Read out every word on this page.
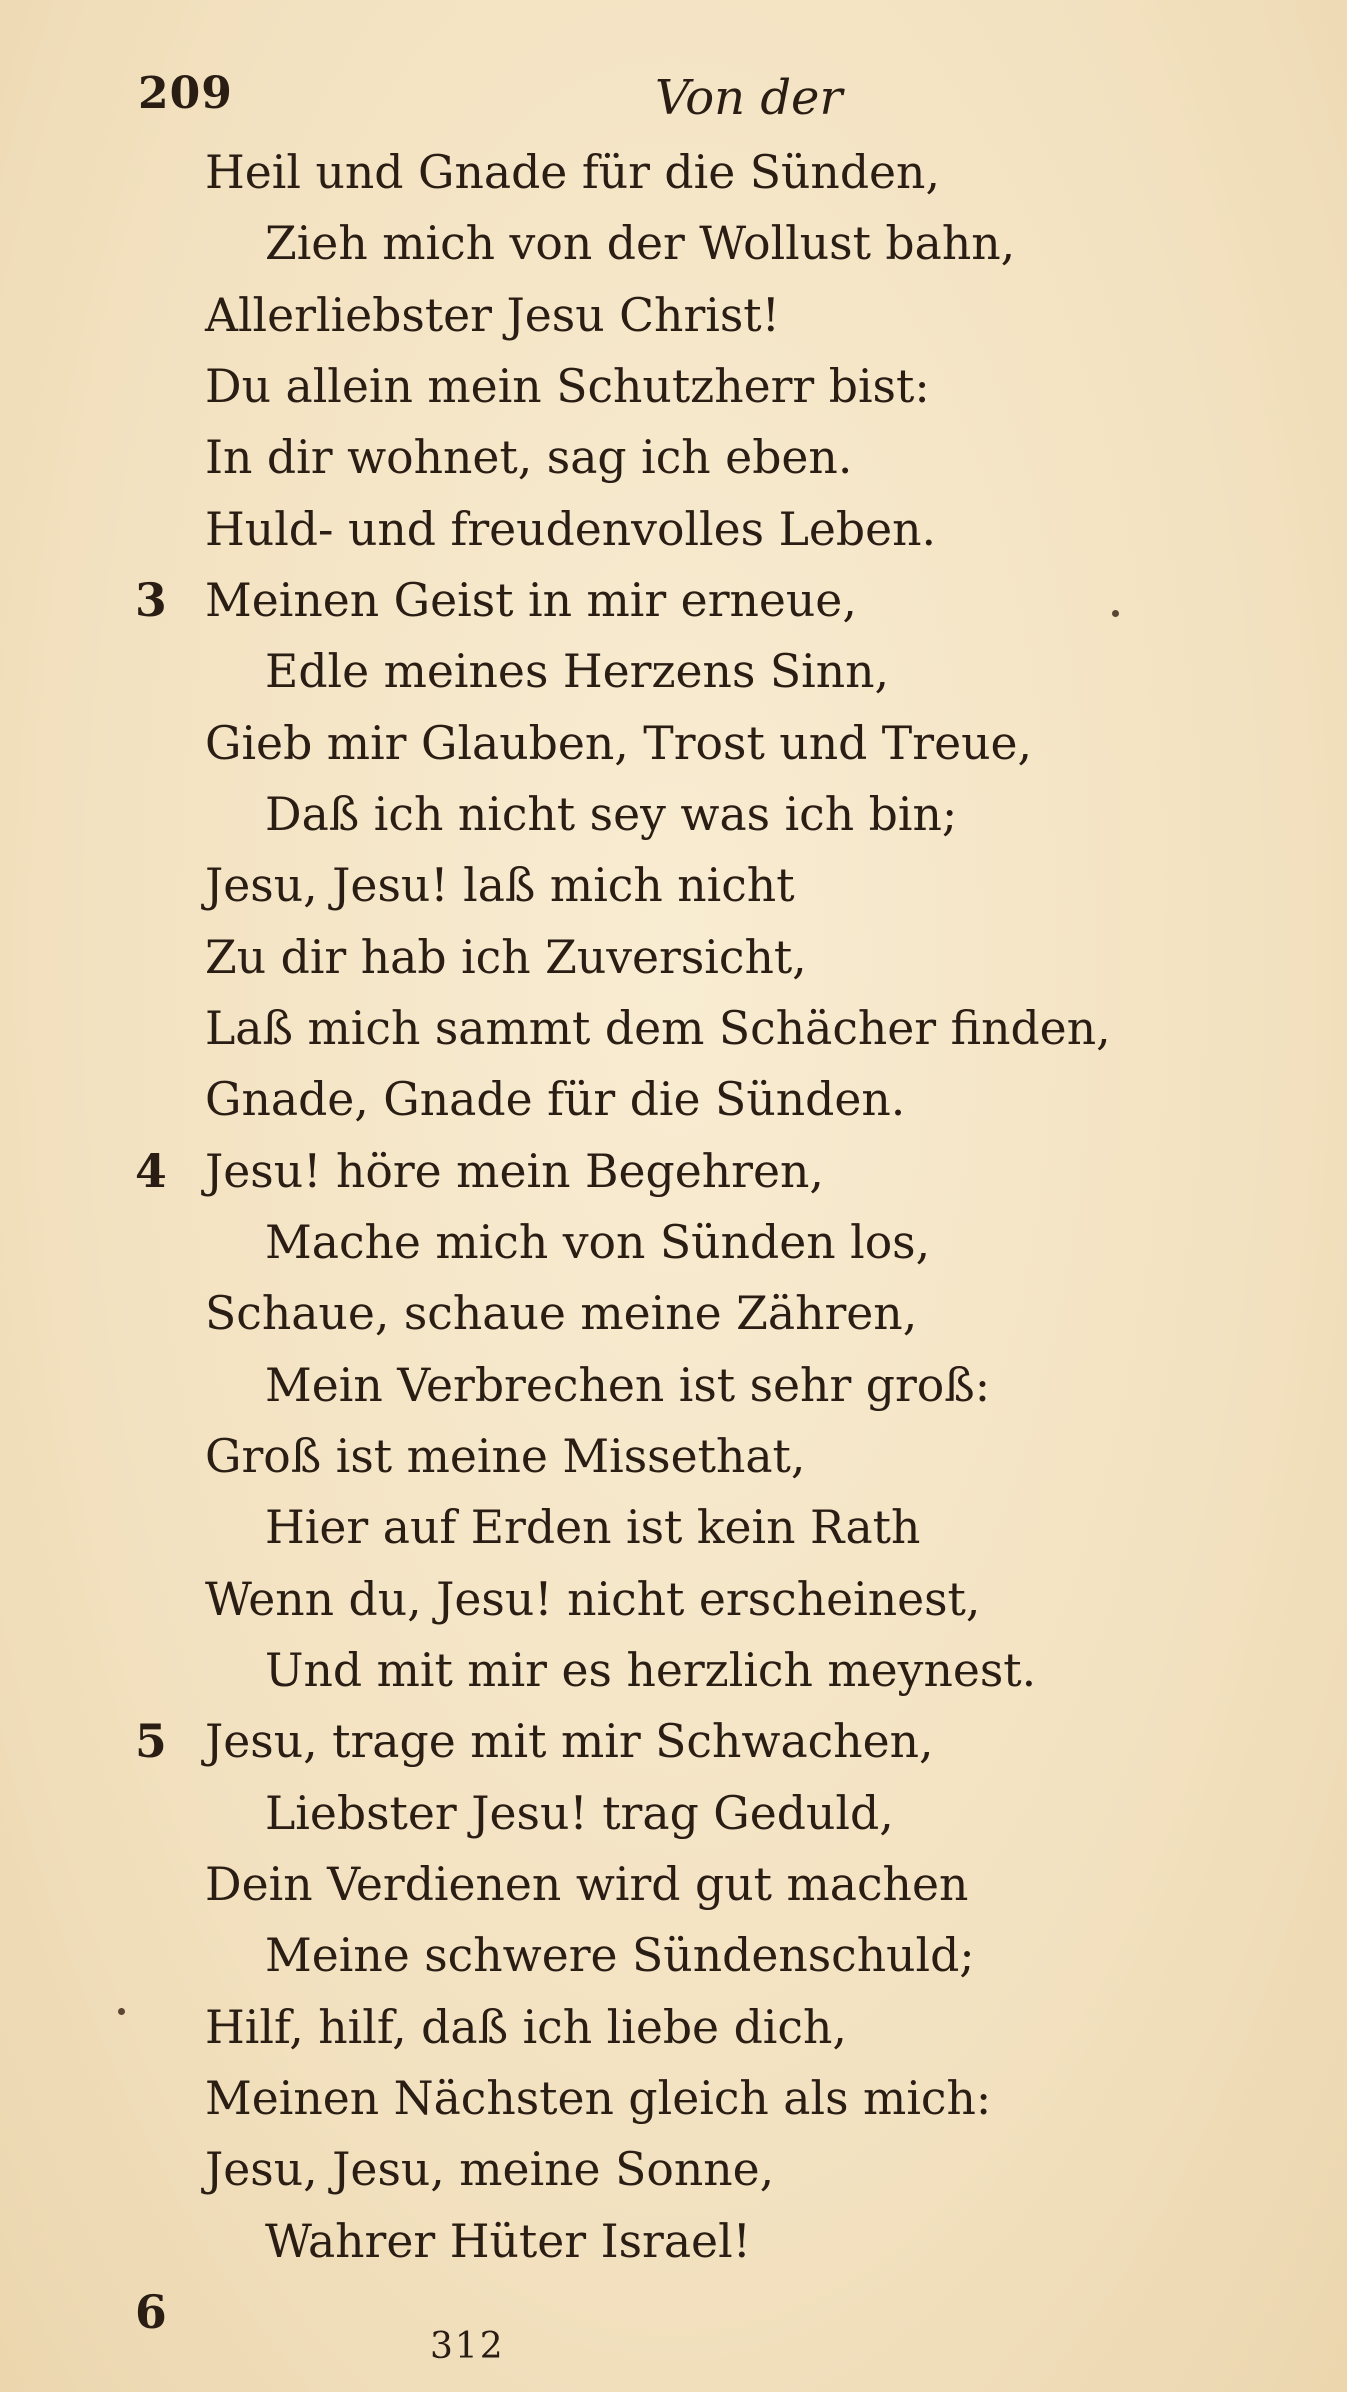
209	Von der
Heil und Gnade für die Sünden,
Zieh mich von der Wollust bahn,
Allerliebster Jesu Christ!
Du allein mein Schutzherr bist:
In dir wohnet, sag ich eben.
Huld- und freudenvolles Leben.
3 Meinen Geist in mir erneue,
Edle meines Herzens Sinn,
Gieb mir Glauben, Trost und Treue,
Daß ich nicht sey was ich bin;
Jesu, Jesu! laß mich nicht
Zu dir hab ich Zuversicht,
Laß mich sammt dem Schächer finden,
Gnade, Gnade für die Sünden.
4 Jesu! höre mein Begehren,
Mache mich von Sünden los,
Schaue, schaue meine Zähren,
Mein Verbrechen ist sehr groß:
Groß ist meine Missethat,
Hier auf Erden ist kein Rath
Wenn du, Jesu! nicht erscheinest,
Und mit mir es herzlich meynest.
5 Jesu, trage mit mir Schwachen,
Liebster Jesu! trag Geduld,
Dein Verdienen wird gut machen
Meine schwere Sündenschuld;
Hilf, hilf, daß ich liebe dich,
Meinen Nächsten gleich als mich:
Jesu, Jesu, meine Sonne,
Wahrer Hüter Israel!
6
312
